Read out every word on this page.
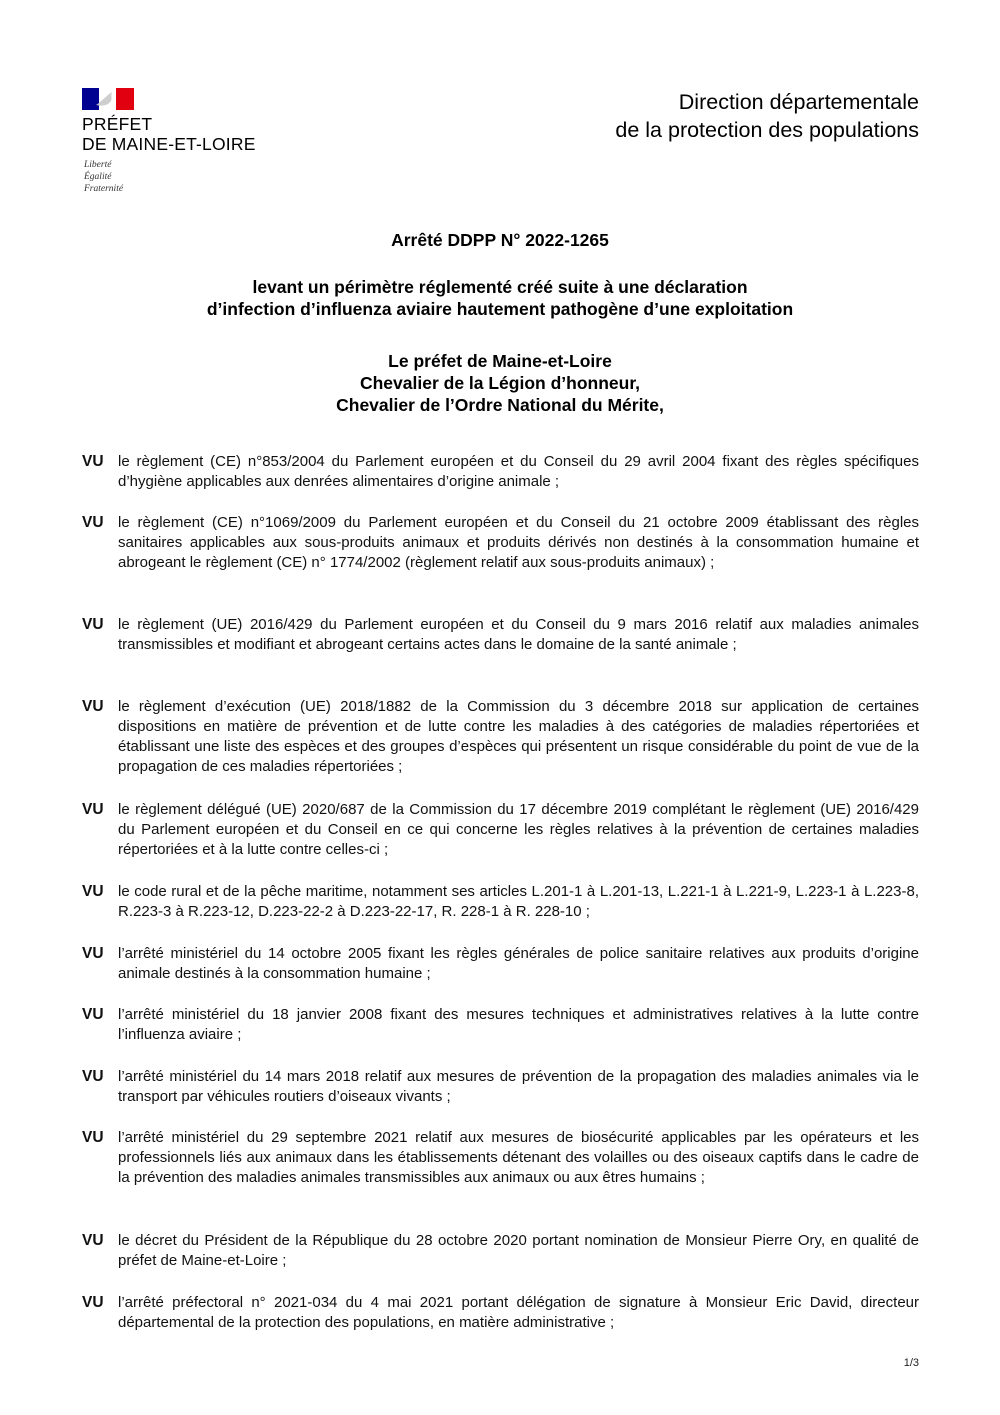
PRÉFET
DE MAINE-ET-LOIRE
Liberté
Égalité
Fraternité
Direction départementale
de la protection des populations
Arrêté DDPP N° 2022-1265
levant un périmètre réglementé créé suite à une déclaration
d’infection d’influenza aviaire hautement pathogène d’une exploitation
Le préfet de Maine-et-Loire
Chevalier de la Légion d’honneur,
Chevalier de l’Ordre National du Mérite,
VU le règlement (CE) n°853/2004 du Parlement européen et du Conseil du 29 avril 2004 fixant des règles spécifiques d’hygiène applicables aux denrées alimentaires d’origine animale ;
VU le règlement (CE) n°1069/2009 du Parlement européen et du Conseil du 21 octobre 2009 établissant des règles sanitaires applicables aux sous-produits animaux et produits dérivés non destinés à la consommation humaine et abrogeant le règlement (CE) n° 1774/2002 (règlement relatif aux sous-produits animaux) ;
VU le règlement (UE) 2016/429 du Parlement européen et du Conseil du 9 mars 2016 relatif aux maladies animales transmissibles et modifiant et abrogeant certains actes dans le domaine de la santé animale ;
VU le règlement d’exécution (UE) 2018/1882 de la Commission du 3 décembre 2018 sur application de certaines dispositions en matière de prévention et de lutte contre les maladies à des catégories de maladies répertoriées et établissant une liste des espèces et des groupes d’espèces qui présentent un risque considérable du point de vue de la propagation de ces maladies répertoriées ;
VU le règlement délégué (UE) 2020/687 de la Commission du 17 décembre 2019 complétant le règlement (UE) 2016/429 du Parlement européen et du Conseil en ce qui concerne les règles relatives à la prévention de certaines maladies répertoriées et à la lutte contre celles-ci ;
VU le code rural et de la pêche maritime, notamment ses articles L.201-1 à L.201-13, L.221-1 à L.221-9, L.223-1 à L.223-8, R.223-3 à R.223-12, D.223-22-2 à D.223-22-17, R. 228-1 à R. 228-10 ;
VU l’arrêté ministériel du 14 octobre 2005 fixant les règles générales de police sanitaire relatives aux produits d’origine animale destinés à la consommation humaine ;
VU l’arrêté ministériel du 18 janvier 2008 fixant des mesures techniques et administratives relatives à la lutte contre l’influenza aviaire ;
VU l’arrêté ministériel du 14 mars 2018 relatif aux mesures de prévention de la propagation des maladies animales via le transport par véhicules routiers d’oiseaux vivants ;
VU l’arrêté ministériel du 29 septembre 2021 relatif aux mesures de biosécurité applicables par les opérateurs et les professionnels liés aux animaux dans les établissements détenant des volailles ou des oiseaux captifs dans le cadre de la prévention des maladies animales transmissibles aux animaux ou aux êtres humains ;
VU le décret du Président de la République du 28 octobre 2020 portant nomination de Monsieur Pierre Ory, en qualité de préfet de Maine-et-Loire ;
VU l’arrêté préfectoral n° 2021-034 du 4 mai 2021 portant délégation de signature à Monsieur Eric David, directeur départemental de la protection des populations, en matière administrative ;
1/3
